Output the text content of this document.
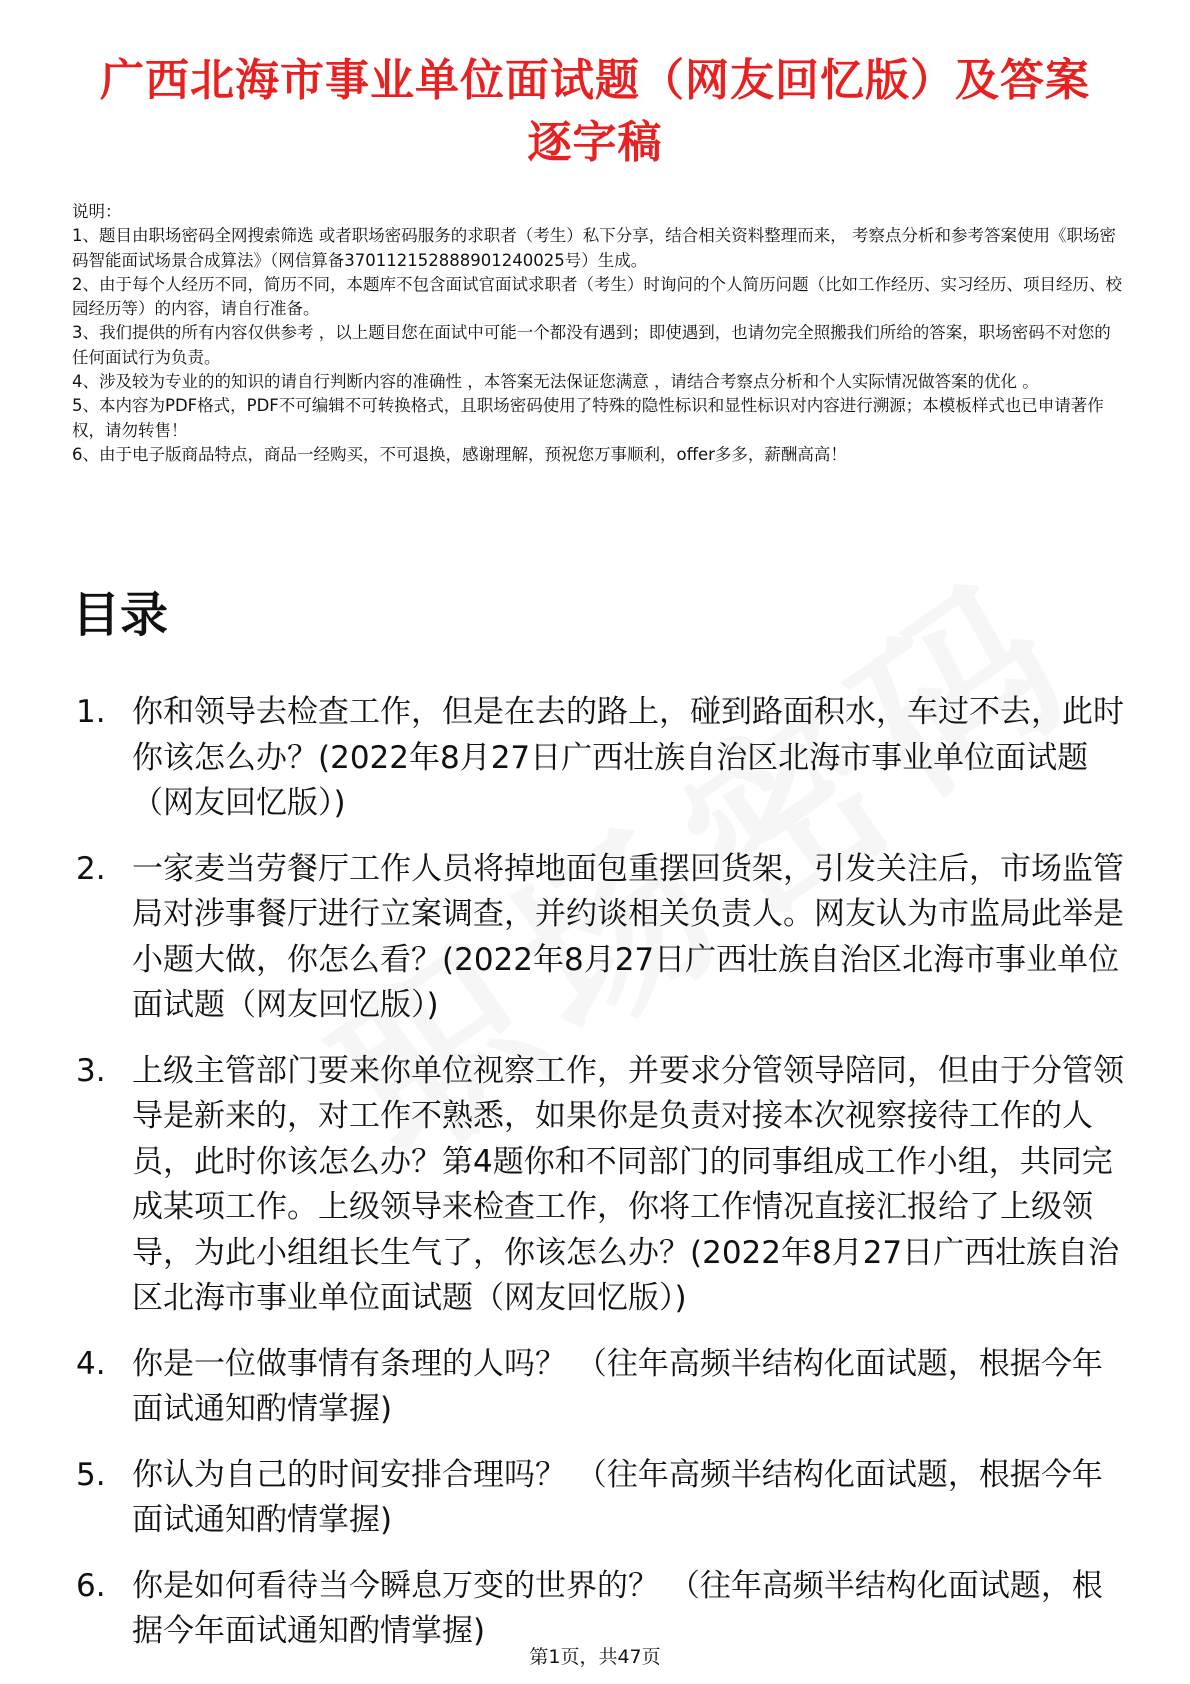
广西北海市事业单位面试题（网友回忆版）及答案逐字稿

说明：

1、题目由职场密码全网搜索筛选 或者职场密码服务的求职者（考生）私下分享，结合相关资料整理而来， 考察点分析和参考答案使用《职场密码智能面试场景合成算法》（网信算备370112152888901240025号）生成。

2、由于每个人经历不同，简历不同，本题库不包含面试官面试求职者（考生）时询问的个人简历问题（比如工作经历、实习经历、项目经历、校园经历等）的内容，请自行准备。

3、我们提供的所有内容仅供参考 ，以上题目您在面试中可能一个都没有遇到；即使遇到，也请勿完全照搬我们所给的答案，职场密码不对您的任何面试行为负责。

4、涉及较为专业的的知识的请自行判断内容的准确性 ，本答案无法保证您满意 ，请结合考察点分析和个人实际情况做答案的优化 。

5、本内容为PDF格式，PDF不可编辑不可转换格式，且职场密码使用了特殊的隐性标识和显性标识对内容进行溯源；本模板样式也已申请著作权，请勿转售！

6、由于电子版商品特点，商品一经购买，不可退换，感谢理解，预祝您万事顺利，offer多多，薪酬高高！

目录
1. 你和领导去检查工作，但是在去的路上，碰到路面积水，车过不去，此时你该怎么办？(2022年8月27日广西壮族自治区北海市事业单位面试题（网友回忆版）)
2. 一家麦当劳餐厅工作人员将掉地面包重摆回货架，引发关注后，市场监管局对涉事餐厅进行立案调查，并约谈相关负责人。网友认为市监局此举是小题大做，你怎么看？(2022年8月27日广西壮族自治区北海市事业单位面试题（网友回忆版）)
3. 上级主管部门要来你单位视察工作，并要求分管领导陪同，但由于分管领导是新来的，对工作不熟悉，如果你是负责对接本次视察接待工作的人员，此时你该怎么办？第4题你和不同部门的同事组成工作小组，共同完成某项工作。上级领导来检查工作，你将工作情况直接汇报给了上级领导，为此小组组长生气了，你该怎么办？(2022年8月27日广西壮族自治区北海市事业单位面试题（网友回忆版）)
4. 你是一位做事情有条理的人吗？ （往年高频半结构化面试题，根据今年面试通知酌情掌握)
5. 你认为自己的时间安排合理吗？ （往年高频半结构化面试题，根据今年面试通知酌情掌握)
6. 你是如何看待当今瞬息万变的世界的？ （往年高频半结构化面试题，根据今年面试通知酌情掌握)
第1页，共47页
